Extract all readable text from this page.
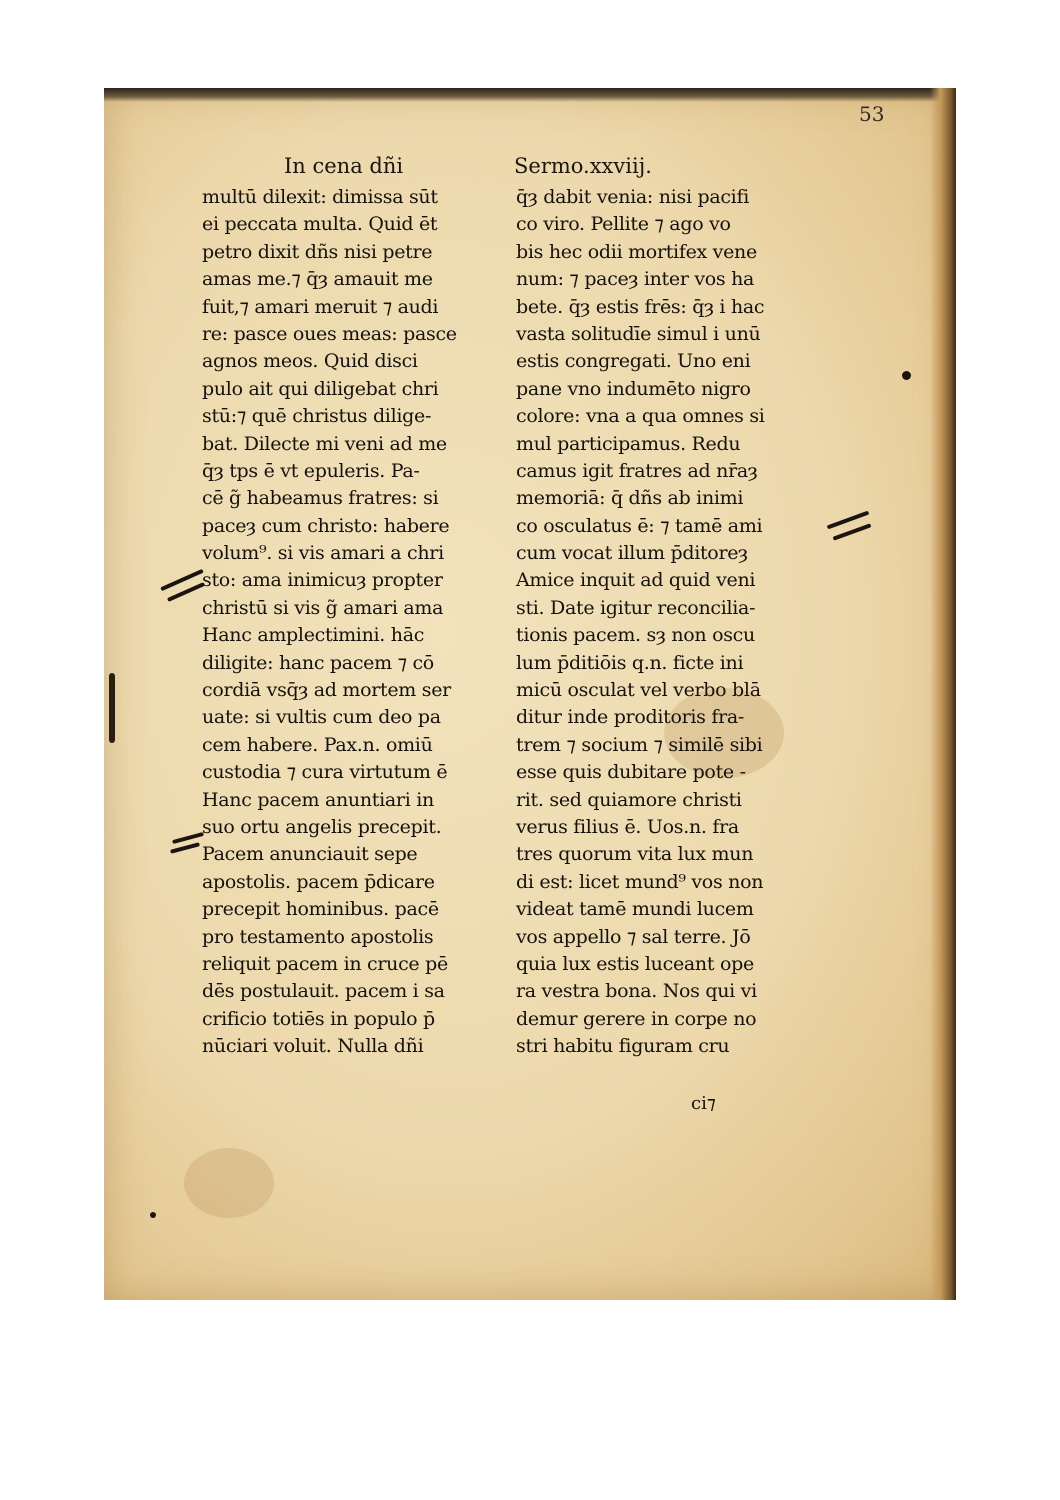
53
In cena dñi	Sermo.xxviij.
multū dilexit: dimissa sūt
ei peccata multa. Quid ēt
petro dixit dñs nisi petre
amas me.⁊ q̄ȝ amauit me
fuit,⁊ amari meruit ⁊ audi
re: pasce oues meas: pasce
agnos meos. Quid disci
pulo ait qui diligebat chri
stū:⁊ quē christus dilige-
bat. Dilecte mi veni ad me
q̄ȝ tps ē vt epuleris. Pa-
cē g̃ habeamus fratres: si
paceȝ cum christo: habere
volum⁹. si vis amari a chri
sto: ama inimicuȝ propter
christū si vis g̃ amari ama
Hanc amplectimini. hāc
diligite: hanc pacem ⁊ cō
cordiā vsq̄ȝ ad mortem ser
uate: si vultis cum deo pa
cem habere. Pax.n. omiū
custodia ⁊ cura virtutum ē
Hanc pacem anuntiari in
suo ortu angelis precepit.
Pacem anunciauit sepe
apostolis. pacem p̄dicare
precepit hominibus. pacē
pro testamento apostolis
reliquit pacem in cruce pē
dēs postulauit. pacem i sa
crificio totiēs in populo p̄
nūciari voluit. Nulla dñi
q̄ȝ dabit venia: nisi pacifi
co viro. Pellite ⁊ ago vo
bis hec odii mortifex vene
num: ⁊ paceȝ inter vos ha
bete. q̄ȝ estis frēs: q̄ȝ i hac
vasta solitudīe simul i unū
estis congregati. Uno eni
pane vno indumēto nigro
colore: vna a qua omnes si
mul participamus. Redu
camus igit fratres ad nr̄aȝ
memoriā: q̄ dñs ab inimi
co osculatus ē: ⁊ tamē ami
cum vocat illum p̄ditoreȝ
Amice inquit ad quid veni
sti. Date igitur reconcilia-
tionis pacem. sȝ non oscu
lum p̄ditiōis q.n. ficte ini
micū osculat vel verbo blā
ditur inde proditoris fra-
trem ⁊ socium ⁊ similē sibi
esse quis dubitare pote -
rit. sed quiamore christi
verus filius ē. Uos.n. fra
tres quorum vita lux mun
di est: licet mund⁹ vos non
videat tamē mundi lucem
vos appello ⁊ sal terre. Jō
quia lux estis luceant ope
ra vestra bona. Nos qui vi
demur gerere in corpe no
stri habitu figuram cru
ci⁊
